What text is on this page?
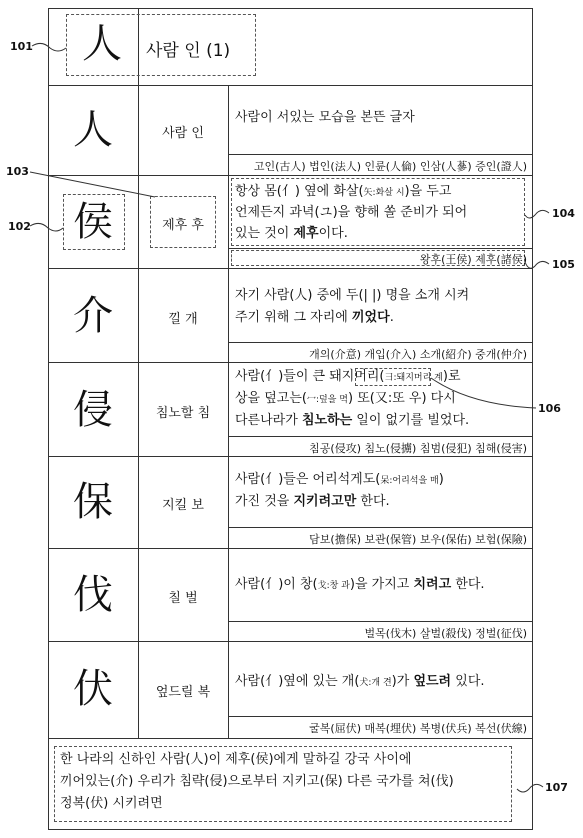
人	사람 인 (1)
人	사람 인
사람이 서있는 모습을 본뜬 글자
고인(古人) 법인(法人) 인륜(人倫) 인삼(人蔘) 증인(證人)
侯	제후 후
항상 몸(亻) 옆에 화살(矢:화살 시)을 두고
언제든지 과녁(ユ)을 향해 쏠 준비가 되어
있는 것이 제후이다.
왕후(王侯) 제후(諸侯)
介	낄 개
자기 사람(人) 중에 두(| |) 명을 소개 시켜
주기 위해 그 자리에 끼었다.
개의(介意) 개입(介入) 소개(紹介) 중개(仲介)
侵	침노할 침
사람(亻)들이 큰 돼지머리(彐:돼지머리 계)로
상을 덮고는(冖:덮을 멱) 또(又:또 우) 다시
다른나라가 침노하는 일이 없기를 빌었다.
침공(侵攻) 침노(侵擄) 침범(侵犯) 침해(侵害)
保	지킬 보
사람(亻)들은 어리석게도(呆:어리석을 매)
가진 것을 지키려고만 한다.
담보(擔保) 보관(保管) 보우(保佑) 보험(保險)
伐	칠 벌
사람(亻)이 창(戈:창 과)을 가지고 치려고 한다.
벌목(伐木) 살벌(殺伐) 정벌(征伐)
伏	엎드릴 복
사람(亻)옆에 있는 개(犬:개 견)가 엎드려 있다.
굴복(屈伏) 매복(埋伏) 복병(伏兵) 복선(伏線)
한 나라의 신하인 사람(人)이 제후(侯)에게 말하길 강국 사이에
끼어있는(介) 우리가 침략(侵)으로부터 지키고(保) 다른 국가를 쳐(伐)
정복(伏) 시키려면
101
102
103
104
105
106
107
